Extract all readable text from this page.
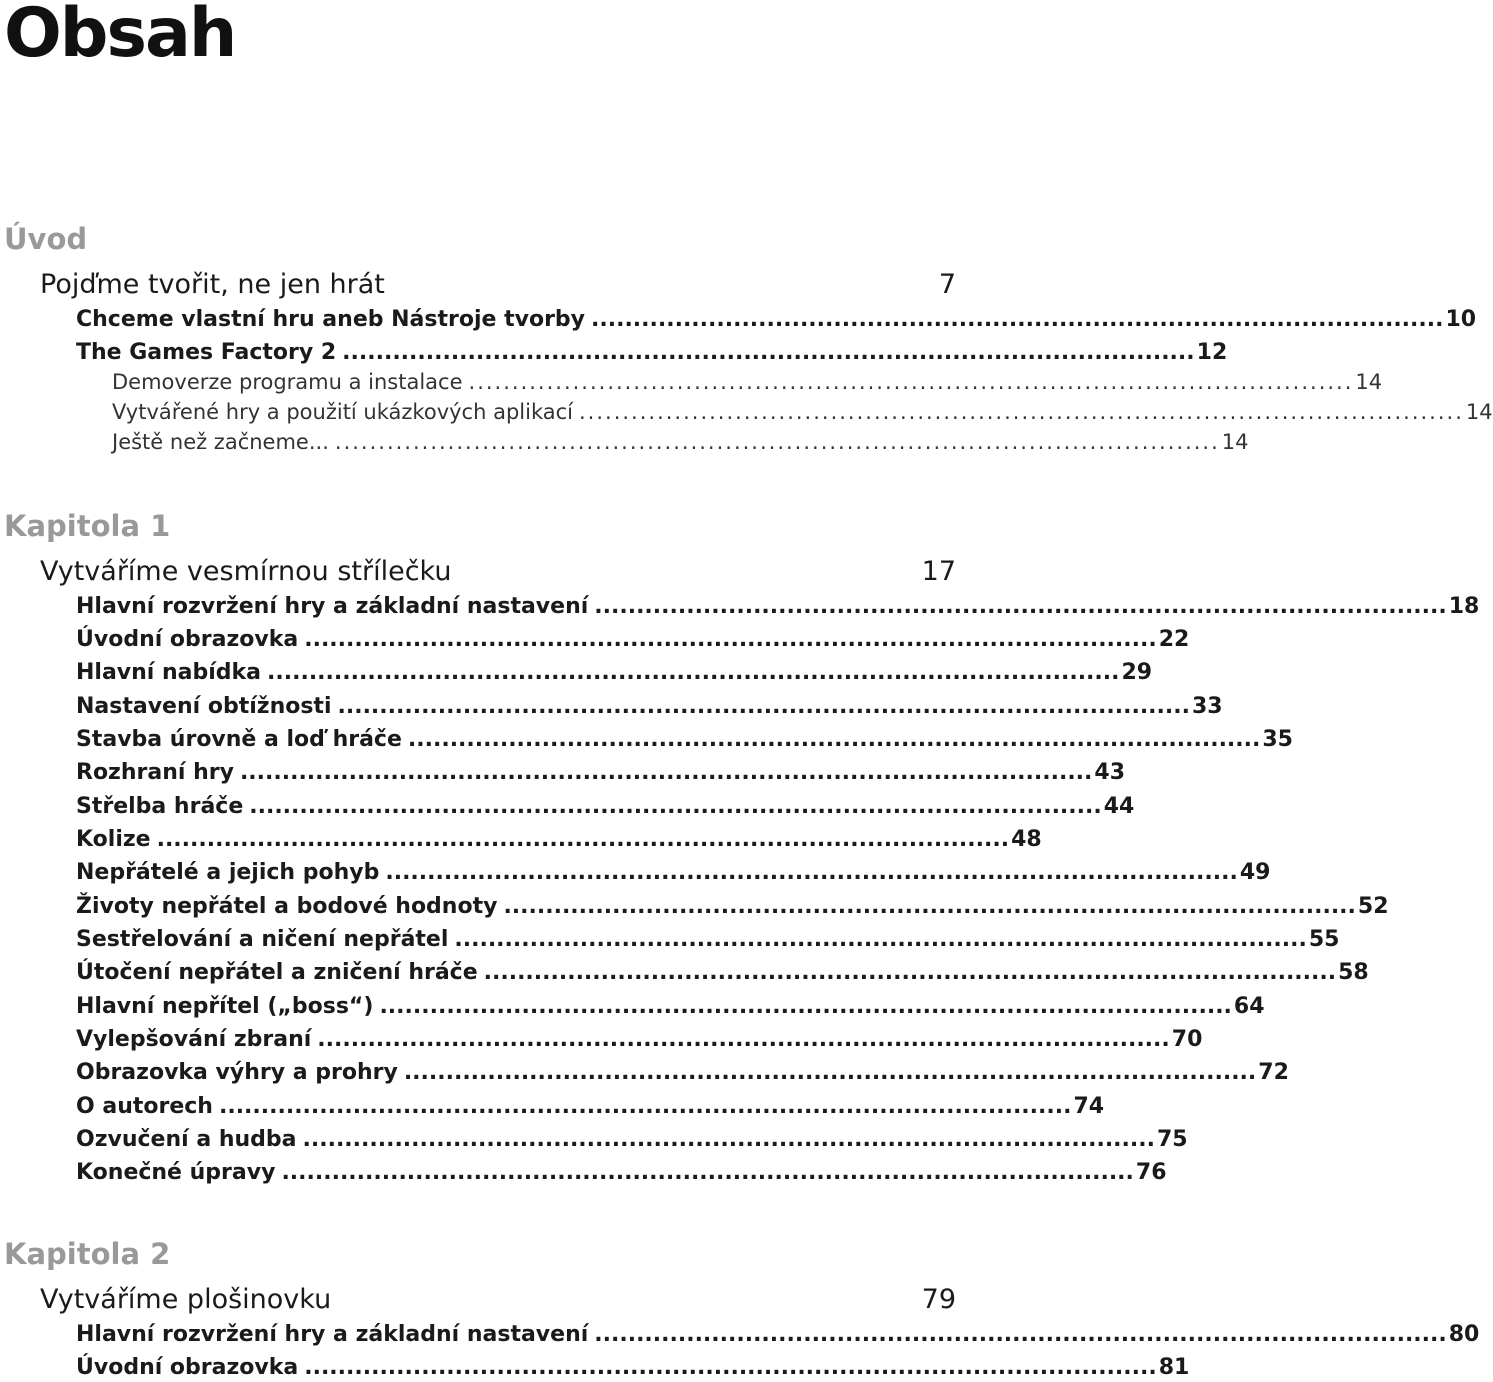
Obsah
Úvod
Pojďme tvořit, ne jen hrát	7
Chceme vlastní hru aneb Nástroje tvorby ...................................................................................................... 10
The Games Factory 2 ...................................................................................................... 12
Demoverze programu a instalace ...................................................................................................... 14
Vytvářené hry a použití ukázkových aplikací ...................................................................................................... 14
Ještě než začneme... ...................................................................................................... 14
Kapitola 1
Vytváříme vesmírnou střílečku	17
Hlavní rozvržení hry a základní nastavení ...................................................................................................... 18
Úvodní obrazovka ...................................................................................................... 22
Hlavní nabídka ...................................................................................................... 29
Nastavení obtížnosti ...................................................................................................... 33
Stavba úrovně a loď hráče ...................................................................................................... 35
Rozhraní hry ...................................................................................................... 43
Střelba hráče ...................................................................................................... 44
Kolize ...................................................................................................... 48
Nepřátelé a jejich pohyb ...................................................................................................... 49
Životy nepřátel a bodové hodnoty ...................................................................................................... 52
Sestřelování a ničení nepřátel ...................................................................................................... 55
Útočení nepřátel a zničení hráče ...................................................................................................... 58
Hlavní nepřítel („boss“) ...................................................................................................... 64
Vylepšování zbraní ...................................................................................................... 70
Obrazovka výhry a prohry ...................................................................................................... 72
O autorech ...................................................................................................... 74
Ozvučení a hudba ...................................................................................................... 75
Konečné úpravy ...................................................................................................... 76
Kapitola 2
Vytváříme plošinovku	79
Hlavní rozvržení hry a základní nastavení ...................................................................................................... 80
Úvodní obrazovka ...................................................................................................... 81
